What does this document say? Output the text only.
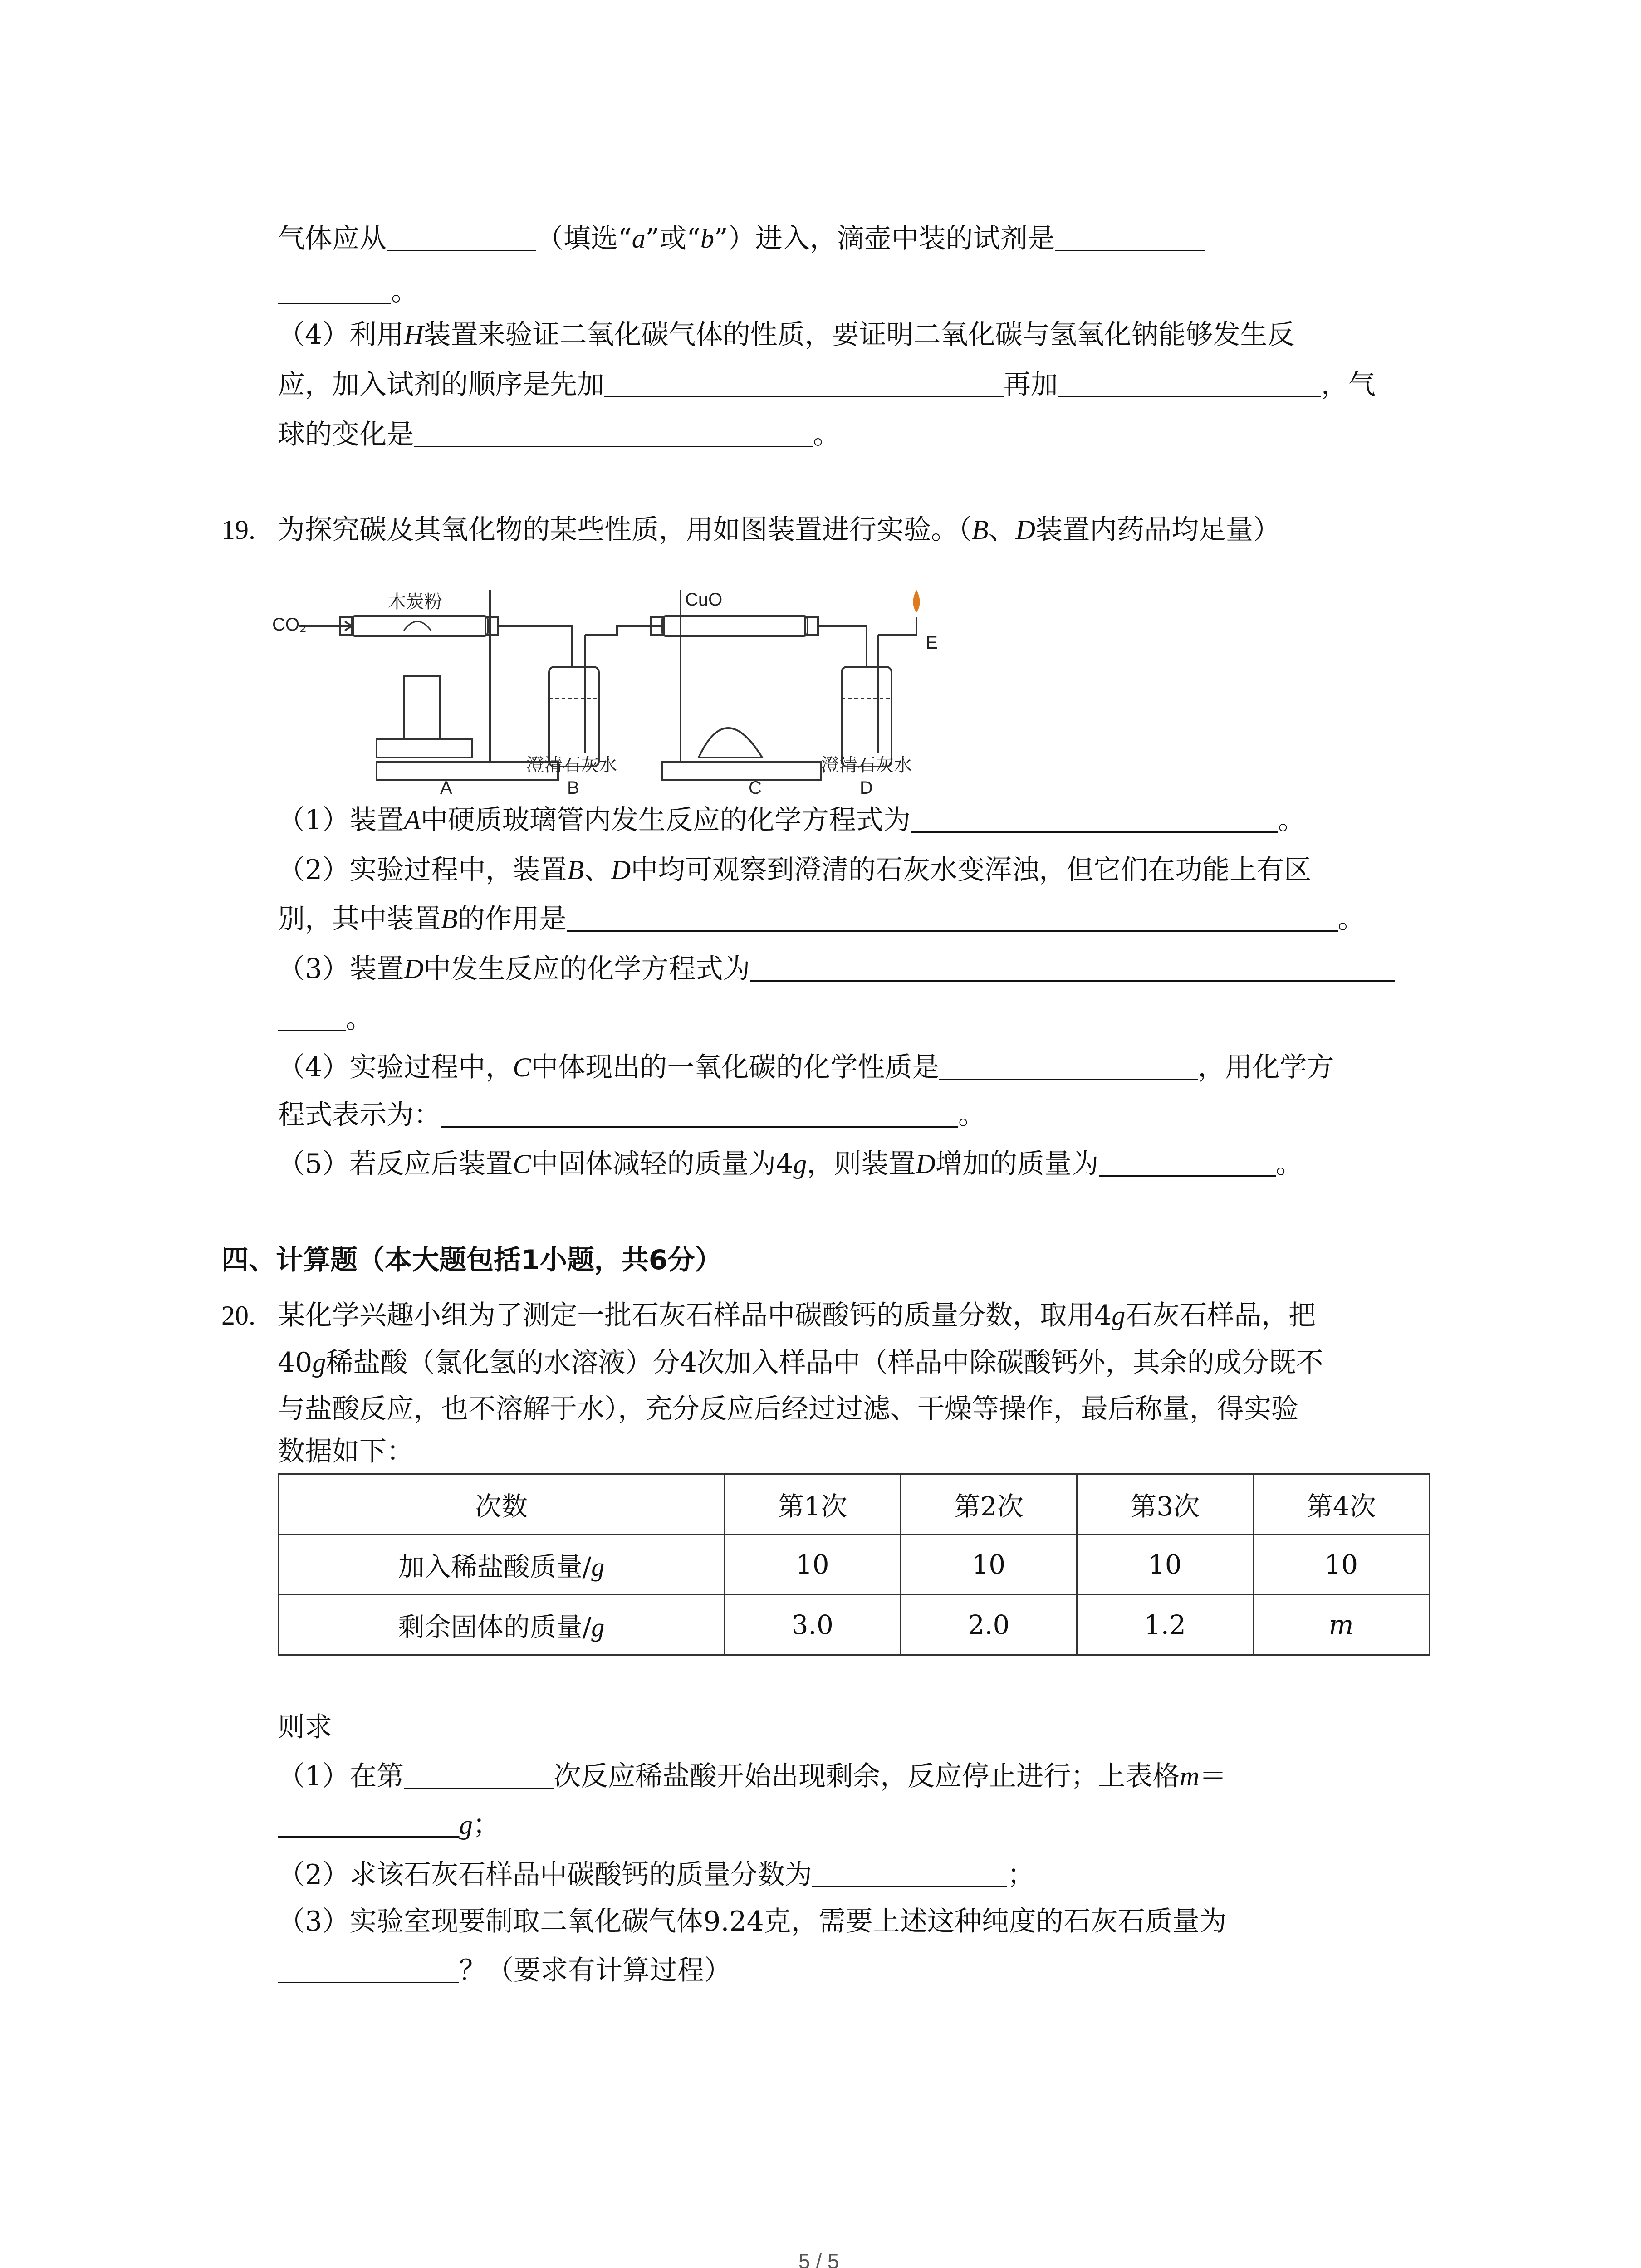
气体应从	（填选“a”或“b”）进入，滴壶中装的试剂是
。
（4）利用H装置来验证二氧化碳气体的性质，要证明二氧化碳与氢氧化钠能够发生反
应，加入试剂的顺序是先加	再加	，气
球的变化是	。
19. 为探究碳及其氧化物的某些性质，用如图装置进行实验。（B、D装置内药品均足量）
CO₂
木炭粉	CuO
E
澄清石灰水	澄清石灰水
A	B	C	D
（1）装置A中硬质玻璃管内发生反应的化学方程式为	。
（2）实验过程中，装置B、D中均可观察到澄清的石灰水变浑浊，但它们在功能上有区
别，其中装置B的作用是	。
（3）装置D中发生反应的化学方程式为
。
（4）实验过程中，C中体现出的一氧化碳的化学性质是	，用化学方
程式表示为：	。
（5）若反应后装置C中固体减轻的质量为4g，则装置D增加的质量为	。
四、计算题（本大题包括1小题，共6分）
20. 某化学兴趣小组为了测定一批石灰石样品中碳酸钙的质量分数，取用4g石灰石样品，把
40g稀盐酸（氯化氢的水溶液）分4次加入样品中（样品中除碳酸钙外，其余的成分既不
与盐酸反应，也不溶解于水），充分反应后经过过滤、干燥等操作，最后称量，得实验
数据如下：
次数	第1次	第2次	第3次	第4次
加入稀盐酸质量/g	10	10	10	10
剩余固体的质量/g	3.0	2.0	1.2	m
则求
（1）在第	次反应稀盐酸开始出现剩余，反应停止进行；上表格m＝
g；
（2）求该石灰石样品中碳酸钙的质量分数为	；
（3）实验室现要制取二氧化碳气体9.24克，需要上述这种纯度的石灰石质量为
？（要求有计算过程）
5 / 5
